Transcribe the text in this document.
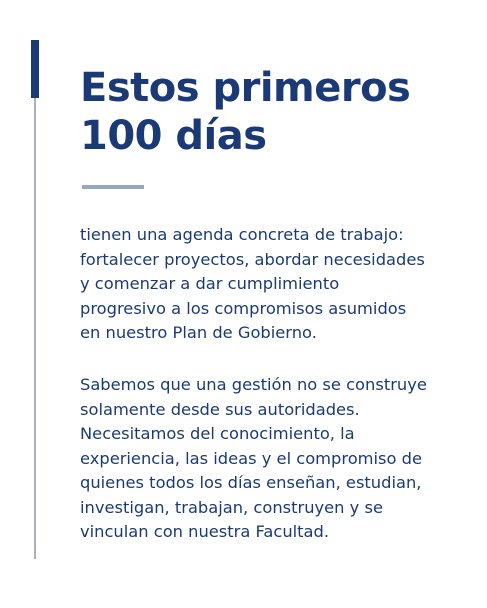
Estos primeros
100 días
tienen una agenda concreta de trabajo:
fortalecer proyectos, abordar necesidades
y comenzar a dar cumplimiento
progresivo a los compromisos asumidos
en nuestro Plan de Gobierno.
Sabemos que una gestión no se construye
solamente desde sus autoridades.
Necesitamos del conocimiento, la
experiencia, las ideas y el compromiso de
quienes todos los días enseñan, estudian,
investigan, trabajan, construyen y se
vinculan con nuestra Facultad.
